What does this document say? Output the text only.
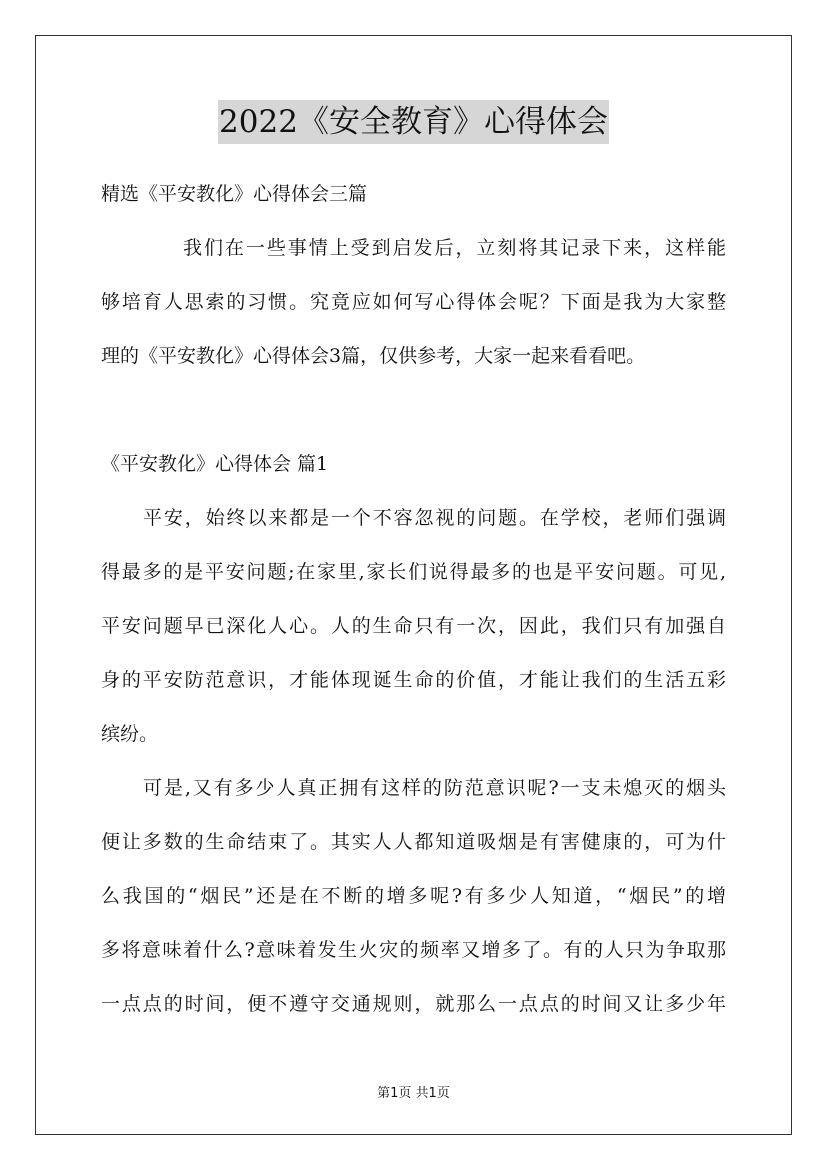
2022《安全教育》心得体会
精选《平安教化》心得体会三篇
我们在一些事情上受到启发后，立刻将其记录下来，这样能
够培育人思索的习惯。究竟应如何写心得体会呢？下面是我为大家整
理的《平安教化》心得体会3篇，仅供参考，大家一起来看看吧。
《平安教化》心得体会 篇1
平安，始终以来都是一个不容忽视的问题。在学校，老师们强调
得最多的是平安问题;在家里,家长们说得最多的也是平安问题。可见,
平安问题早已深化人心。人的生命只有一次，因此，我们只有加强自
身的平安防范意识，才能体现诞生命的价值，才能让我们的生活五彩
缤纷。
可是,又有多少人真正拥有这样的防范意识呢?一支未熄灭的烟头
便让多数的生命结束了。其实人人都知道吸烟是有害健康的，可为什
么我国的“烟民”还是在不断的增多呢?有多少人知道，“烟民”的增
多将意味着什么?意味着发生火灾的频率又增多了。有的人只为争取那
一点点的时间，便不遵守交通规则，就那么一点点的时间又让多少年
第1页 共1页
